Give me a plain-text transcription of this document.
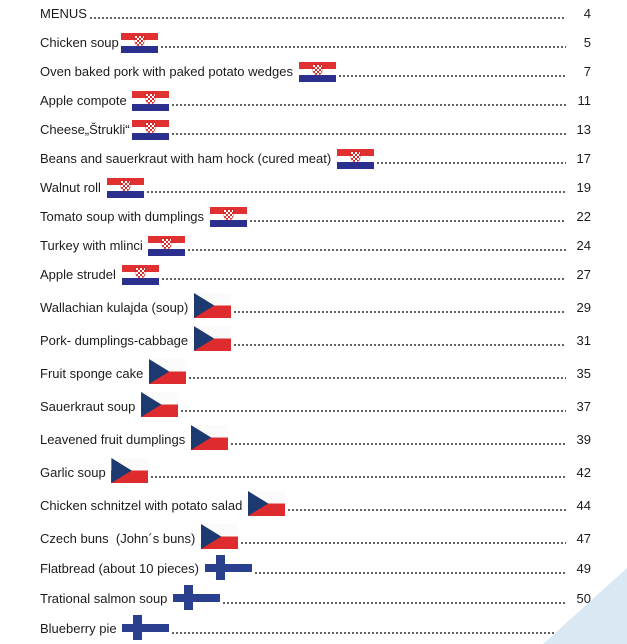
MENUS	4
Chicken soup	5
Oven baked pork with paked potato wedges	7
Apple compote	11
Cheese„Štrukli“	13
Beans and sauerkraut with ham hock (cured meat)	17
Walnut roll	19
Tomato soup with dumplings	22
Turkey with mlinci	24
Apple strudel	27
Wallachian kulajda (soup)	29
Pork- dumplings-cabbage	31
Fruit sponge cake	35
Sauerkraut soup	37
Leavened fruit dumplings	39
Garlic soup	42
Chicken schnitzel with potato salad	44
Czech buns  (John´s buns)	47
Flatbread (about 10 pieces)	49
Trational salmon soup	50
Blueberry pie
